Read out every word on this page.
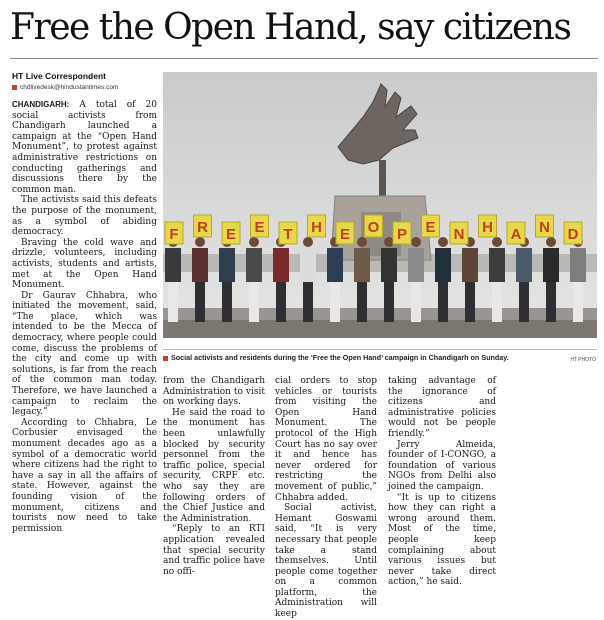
Free the Open Hand, say citizens
HT Live Correspondent
chdlivedesk@hindustantimes.com

CHANDIGARH: A total of 20 social activists from Chandigarh launched a campaign at the “Open Hand Monument”, to protest against administrative restrictions on conducting gatherings and discussions there by the common man.

The activists said this defeats the purpose of the monument, as a symbol of abiding democracy.

Braving the cold wave and drizzle, volunteers, including activists, students and artists, met at the Open Hand Monument.

Dr Gaurav Chhabra, who initiated the movement, said, “The place, which was intended to be the Mecca of democracy, where people could come, discuss the problems of the city and come up with solutions, is far from the reach of the common man today. Therefore, we have launched a campaign to reclaim the legacy.”

According to Chhabra, Le Corbusier envisaged the monument decades ago as a symbol of a democratic world where citizens had the right to have a say in all the affairs of state. However, against the founding vision of the monument, citizens and tourists now need to take permission

F R E E T H E O P E N H A N D
Social activists and residents during the ‘Free the Open Hand’ campaign in Chandigarh on Sunday.	HT PHOTO

from the Chandigarh Administration to visit on working days.

He said the road to the monument has been unlawfully blocked by security personnel from the traffic police, special security, CRPF etc. who say they are following orders of the Chief Justice and the Administration.

“Reply to an RTI application revealed that special security and traffic police have no offi-

cial orders to stop vehicles or tourists from visiting the Open Hand Monument. The protocol of the High Court has no say over it and hence has never ordered for restricting the movement of public,” Chhabra added.

Social activist, Hemant Goswami said, “It is very necessary that people take a stand themselves. Until people come together on a common platform, the Administration will keep

taking advantage of the ignorance of citizens and administrative policies would not be people friendly.”

Jerry Almeida, founder of I-CONGO, a foundation of various NGOs from Delhi also joined the campaign.

“It is up to citizens how they can right a wrong around them. Most of the time, people keep complaining about various issues but never take direct action,” he said.
